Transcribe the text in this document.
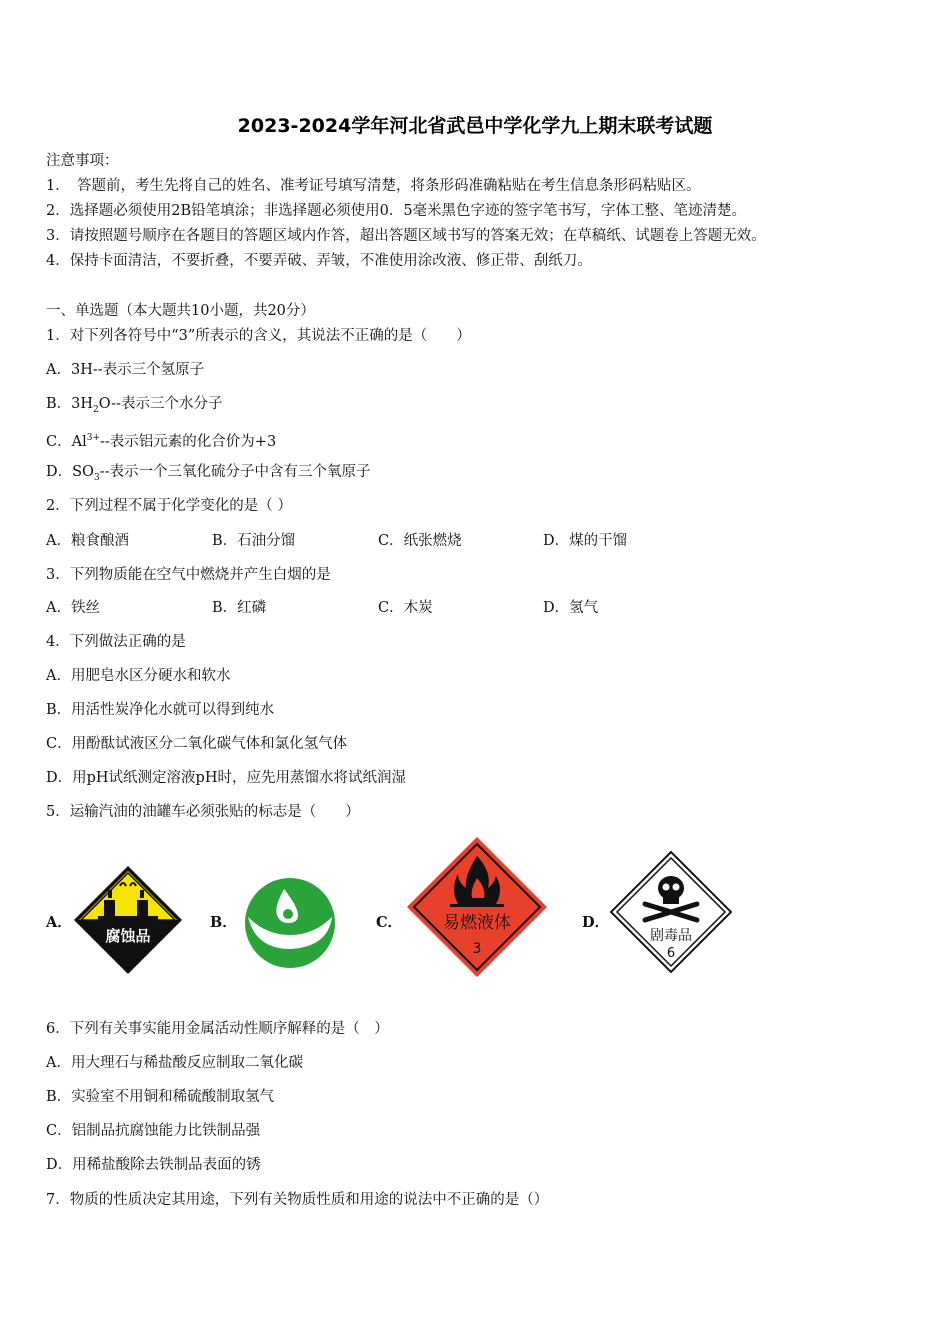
2023-2024学年河北省武邑中学化学九上期末联考试题
注意事项：
1．　答题前，考生先将自己的姓名、准考证号填写清楚，将条形码准确粘贴在考生信息条形码粘贴区。
2．选择题必须使用2B铅笔填涂；非选择题必须使用0．5毫米黑色字迹的签字笔书写，字体工整、笔迹清楚。
3．请按照题号顺序在各题目的答题区域内作答，超出答题区域书写的答案无效；在草稿纸、试题卷上答题无效。
4．保持卡面清洁，不要折叠，不要弄破、弄皱，不准使用涂改液、修正带、刮纸刀。
一、单选题（本大题共10小题，共20分）
1．对下列各符号中“3”所表示的含义，其说法不正确的是（　　）
A．3H--表示三个氢原子
B．$3H_2O--$表示三个水分子
C．$Al^{3+}--$表示铝元素的化合价为+3
D．$SO_3--$表示一个三氧化硫分子中含有三个氧原子
2．下列过程不属于化学变化的是（ ）
A．粮食酿酒	B．石油分馏	C．纸张燃烧	D．煤的干馏
3．下列物质能在空气中燃烧并产生白烟的是
A．铁丝	B．红磷	C．木炭	D．氢气
4．下列做法正确的是
A．用肥皂水区分硬水和软水
B．用活性炭净化水就可以得到纯水
C．用酚酞试液区分二氧化碳气体和氯化氢气体
D．用pH试纸测定溶液pH时，应先用蒸馏水将试纸润湿
5．运输汽油的油罐车必须张贴的标志是（　　）
A．
腐蚀品
B．	C． 易燃液体
3
D．
剧毒品
6
6．下列有关事实能用金属活动性顺序解释的是（　）
A．用大理石与稀盐酸反应制取二氧化碳
B．实验室不用铜和稀硫酸制取氢气
C．铝制品抗腐蚀能力比铁制品强
D．用稀盐酸除去铁制品表面的锈
7．物质的性质决定其用途，下列有关物质性质和用途的说法中不正确的是（）
